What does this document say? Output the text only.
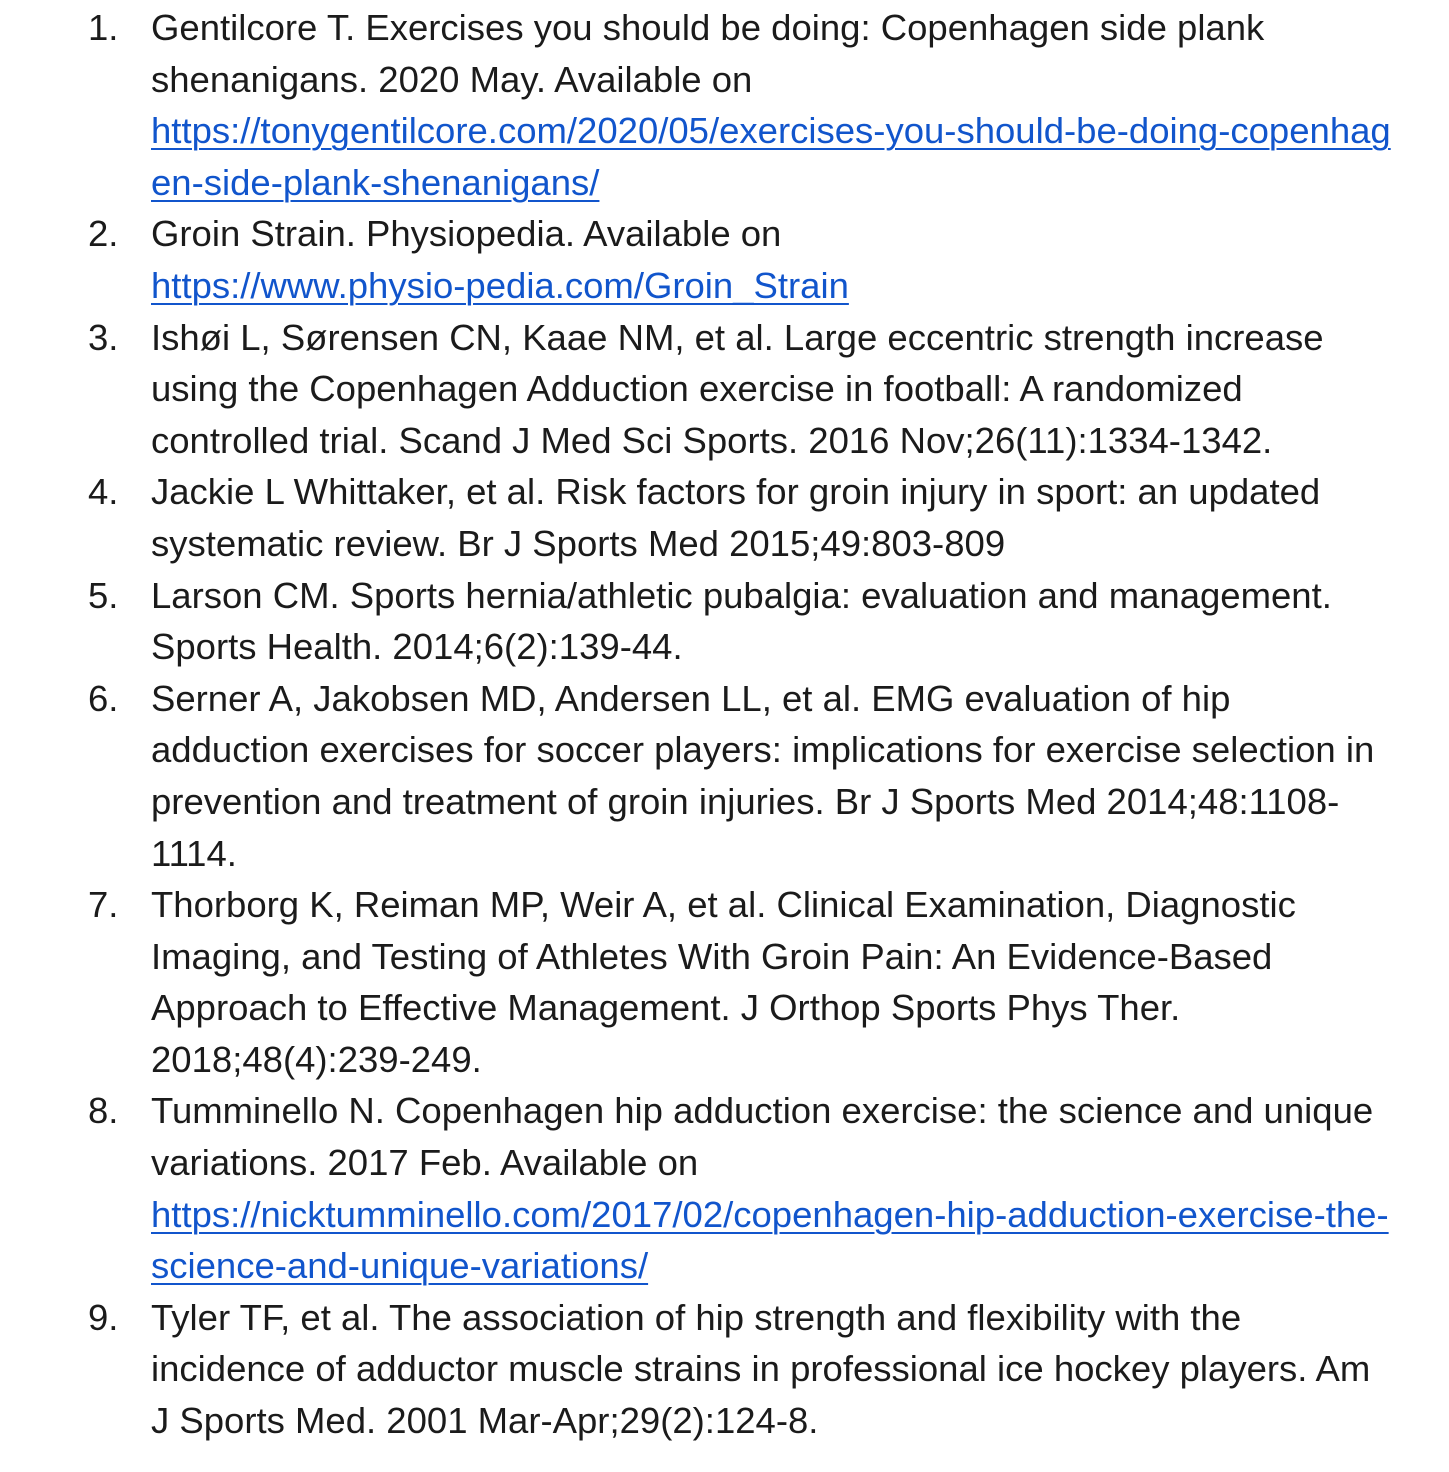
1. Gentilcore T. Exercises you should be doing: Copenhagen side plank shenanigans. 2020 May. Available on
https://tonygentilcore.com/2020/05/exercises-you-should-be-doing-copenhagen-side-plank-shenanigans/
2. Groin Strain. Physiopedia. Available on
https://www.physio-pedia.com/Groin_Strain
3. Ishøi L, Sørensen CN, Kaae NM, et al. Large eccentric strength increase using the Copenhagen Adduction exercise in football: A randomized controlled trial. Scand J Med Sci Sports. 2016 Nov;26(11):1334-1342.
4. Jackie L Whittaker, et al. Risk factors for groin injury in sport: an updated systematic review. Br J Sports Med 2015;49:803-809
5. Larson CM. Sports hernia/athletic pubalgia: evaluation and management. Sports Health. 2014;6(2):139-44.
6. Serner A, Jakobsen MD, Andersen LL, et al. EMG evaluation of hip adduction exercises for soccer players: implications for exercise selection in prevention and treatment of groin injuries. Br J Sports Med 2014;48:1108-1114.
7. Thorborg K, Reiman MP, Weir A, et al. Clinical Examination, Diagnostic Imaging, and Testing of Athletes With Groin Pain: An Evidence-Based Approach to Effective Management. J Orthop Sports Phys Ther. 2018;48(4):239-249.
8. Tumminello N. Copenhagen hip adduction exercise: the science and unique variations. 2017 Feb. Available on
https://nicktumminello.com/2017/02/copenhagen-hip-adduction-exercise-the-science-and-unique-variations/
9. Tyler TF, et al. The association of hip strength and flexibility with the incidence of adductor muscle strains in professional ice hockey players. Am J Sports Med. 2001 Mar-Apr;29(2):124-8.
